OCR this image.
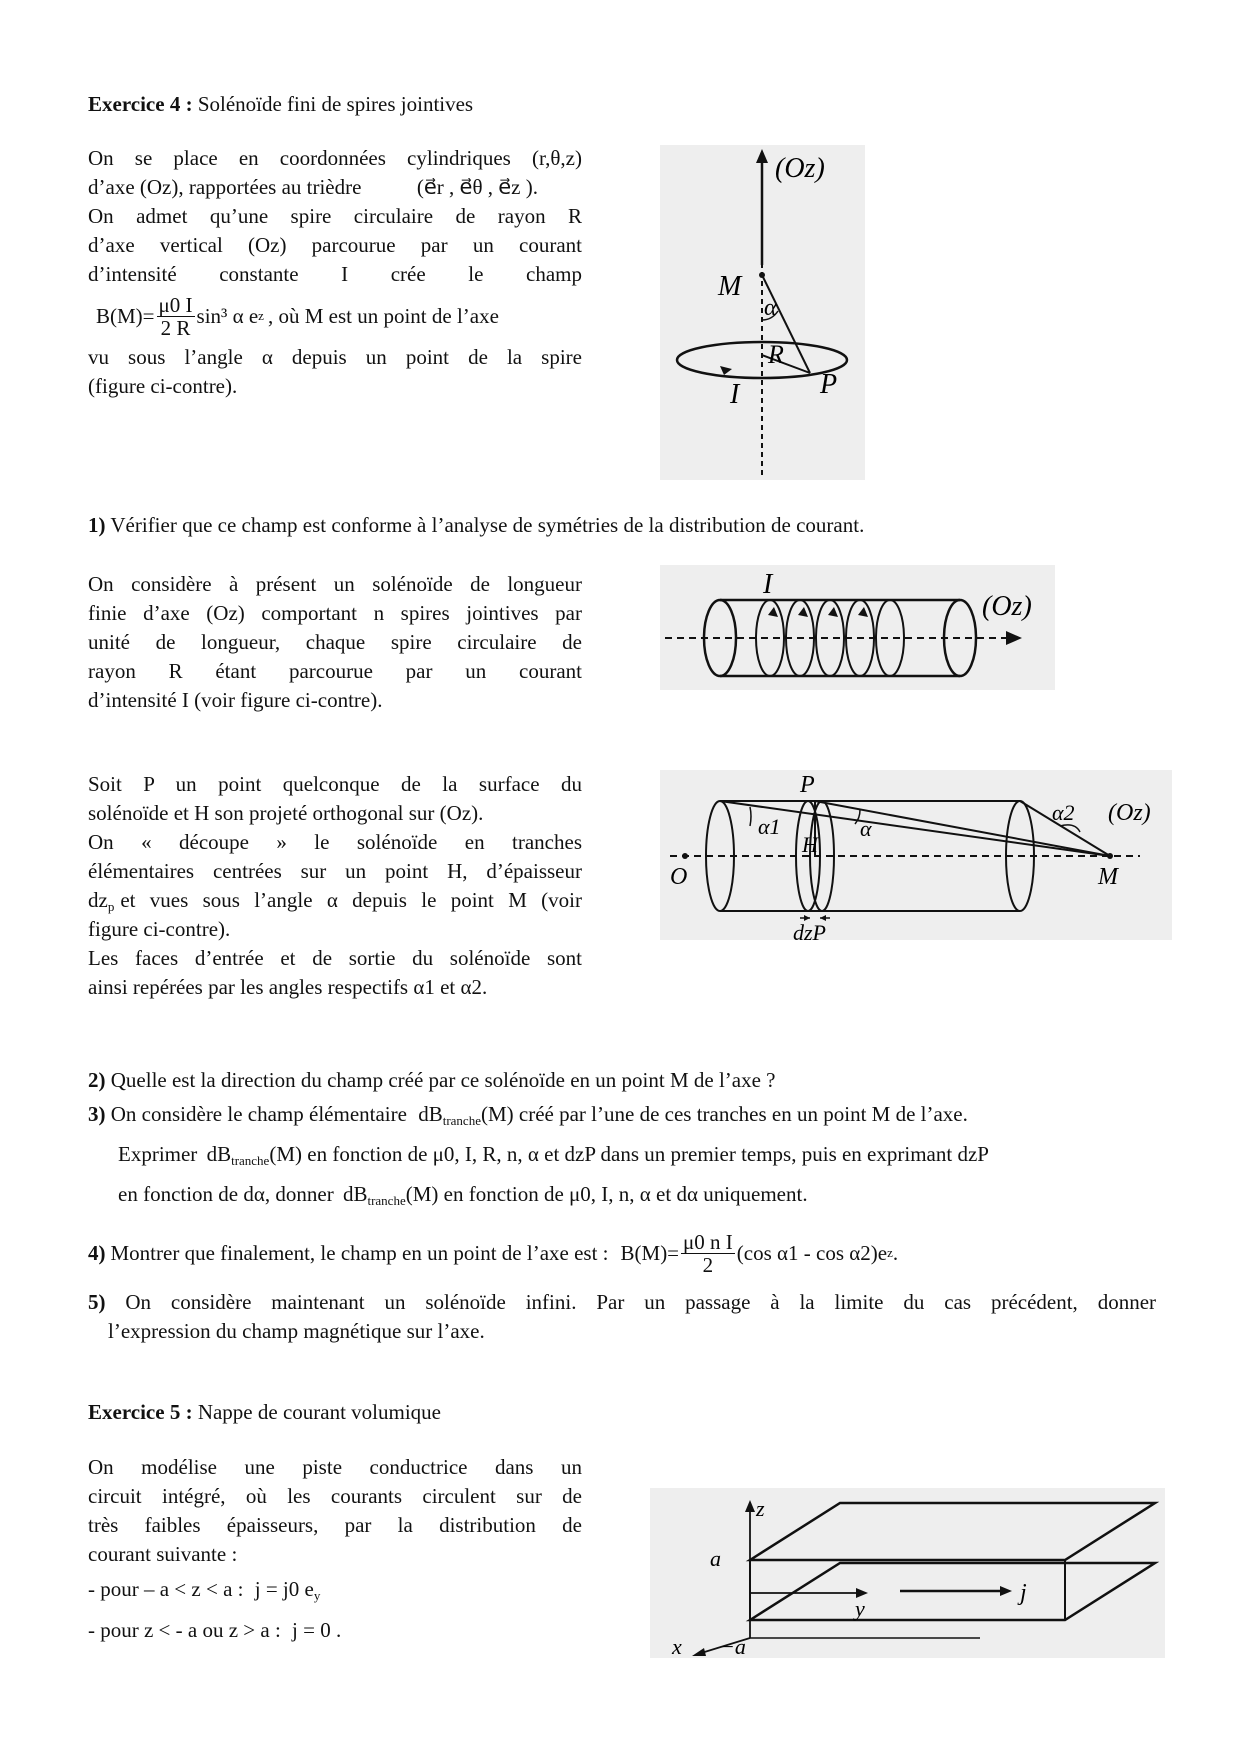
Exercice 4 : Solénoïde fini de spires jointives
On se place en coordonnées cylindriques (r,θ,z)
d’axe (Oz), rapportées au trièdre	(e⃗r , e⃗θ , e⃗z ).
On admet qu’une spire circulaire de rayon R
d’axe vertical (Oz) parcourue par un courant
d’intensité constante I crée le champ
$B(M)= \frac{\mu 0 I}{2 R} \sin^3$ α e z , où M est un point de l’axe
vu sous l’angle α depuis un point de la spire
(figure ci-contre).
(Oz)
M
α
R
P
I
1) Vérifier que ce champ est conforme à l’analyse de symétries de la distribution de courant.
On considère à présent un solénoïde de longueur
finie d’axe (Oz) comportant n spires jointives par
unité de longueur, chaque spire circulaire de
rayon R étant parcourue par un courant
d’intensité I (voir figure ci-contre).
I
(Oz)
Soit P un point quelconque de la surface du
solénoïde et H son projeté orthogonal sur (Oz).
On « découpe » le solénoïde en tranches
élémentaires centrées sur un point H, d’épaisseur
$dz_p$ et vues sous l’angle α depuis le point M (voir
figure ci-contre).
Les faces d’entrée et de sortie du solénoïde sont
ainsi repérées par les angles respectifs α1 et α2.
P
α1
H
α
α2 (Oz)
O	M
dzP
2) Quelle est la direction du champ créé par ce solénoïde en un point M de l’axe ?
3) On considère le champ élémentaire $dB_{tranche}(M)$ créé par l’une de ces tranches en un point M de l’axe.
Exprimer $dB_{tranche}(M)$ en fonction de μ0, I, R, n, α et dzP dans un premier temps, puis en exprimant dzP
en fonction de dα, donner $dB_{tranche}(M)$ en fonction de μ0, I, n, α et dα uniquement.
4) Montrer que finalement, le champ en un point de l’axe est : $B(M)= \frac{\text{μ0 n I}}{2} (\cos$ α1 - cos α2)e z .
5) On considère maintenant un solénoïde infini. Par un passage à la limite du cas précédent, donner
l’expression du champ magnétique sur l’axe.
Exercice 5 : Nappe de courant volumique
On modélise une piste conductrice dans un
circuit intégré, où les courants circulent sur de
très faibles épaisseurs, par la distribution de
courant suivante :
- pour – a < z < a : j = j0 $e_y$
- pour z < - a ou z > a : j = 0 .
z
a
y
j
x −a
